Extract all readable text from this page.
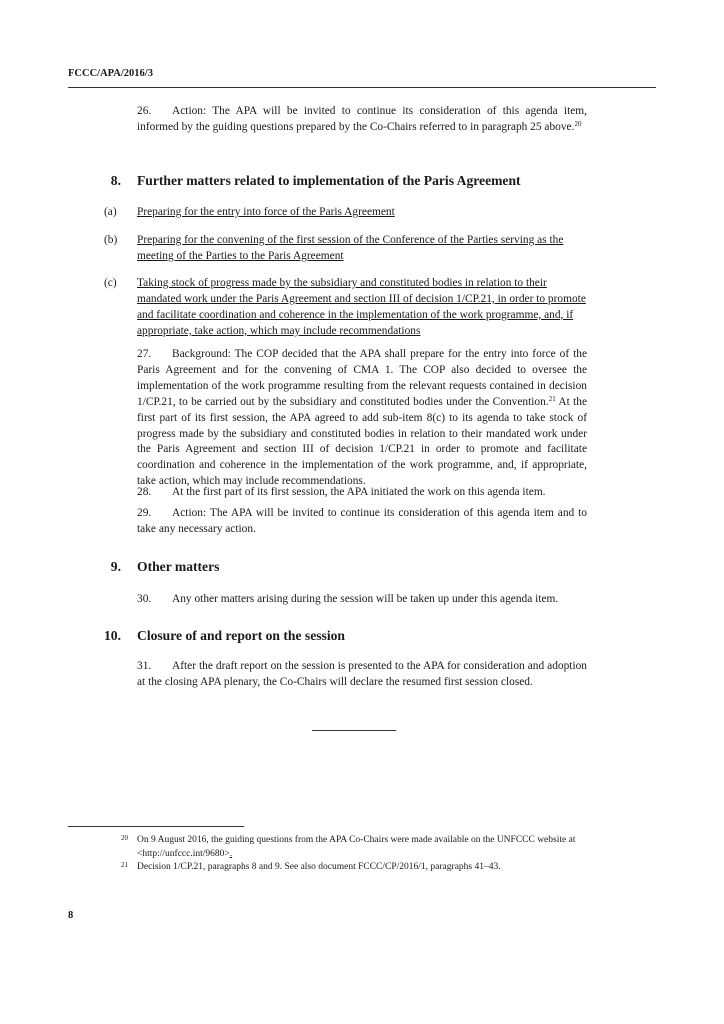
FCCC/APA/2016/3
26. Action: The APA will be invited to continue its consideration of this agenda item, informed by the guiding questions prepared by the Co-Chairs referred to in paragraph 25 above.$^{20}$
8. Further matters related to implementation of the Paris Agreement
(a) Preparing for the entry into force of the Paris Agreement
(b) Preparing for the convening of the first session of the Conference of the Parties serving as the meeting of the Parties to the Paris Agreement
(c) Taking stock of progress made by the subsidiary and constituted bodies in relation to their mandated work under the Paris Agreement and section III of decision 1/CP.21, in order to promote and facilitate coordination and coherence in the implementation of the work programme, and, if appropriate, take action, which may include recommendations
27. Background: The COP decided that the APA shall prepare for the entry into force of the Paris Agreement and for the convening of CMA 1. The COP also decided to oversee the implementation of the work programme resulting from the relevant requests contained in decision 1/CP.21, to be carried out by the subsidiary and constituted bodies under the Convention.$^{21}$ At the first part of its first session, the APA agreed to add sub-item 8(c) to its agenda to take stock of progress made by the subsidiary and constituted bodies in relation to their mandated work under the Paris Agreement and section III of decision 1/CP.21 in order to promote and facilitate coordination and coherence in the implementation of the work programme, and, if appropriate, take action, which may include recommendations.
28. At the first part of its first session, the APA initiated the work on this agenda item.
29. Action: The APA will be invited to continue its consideration of this agenda item and to take any necessary action.
9. Other matters
30. Any other matters arising during the session will be taken up under this agenda item.
10. Closure of and report on the session
31. After the draft report on the session is presented to the APA for consideration and adoption at the closing APA plenary, the Co-Chairs will declare the resumed first session closed.
20 On 9 August 2016, the guiding questions from the APA Co-Chairs were made available on the UNFCCC website at <http://unfccc.int/9680>.
21 Decision 1/CP.21, paragraphs 8 and 9. See also document FCCC/CP/2016/1, paragraphs 41–43.
8
